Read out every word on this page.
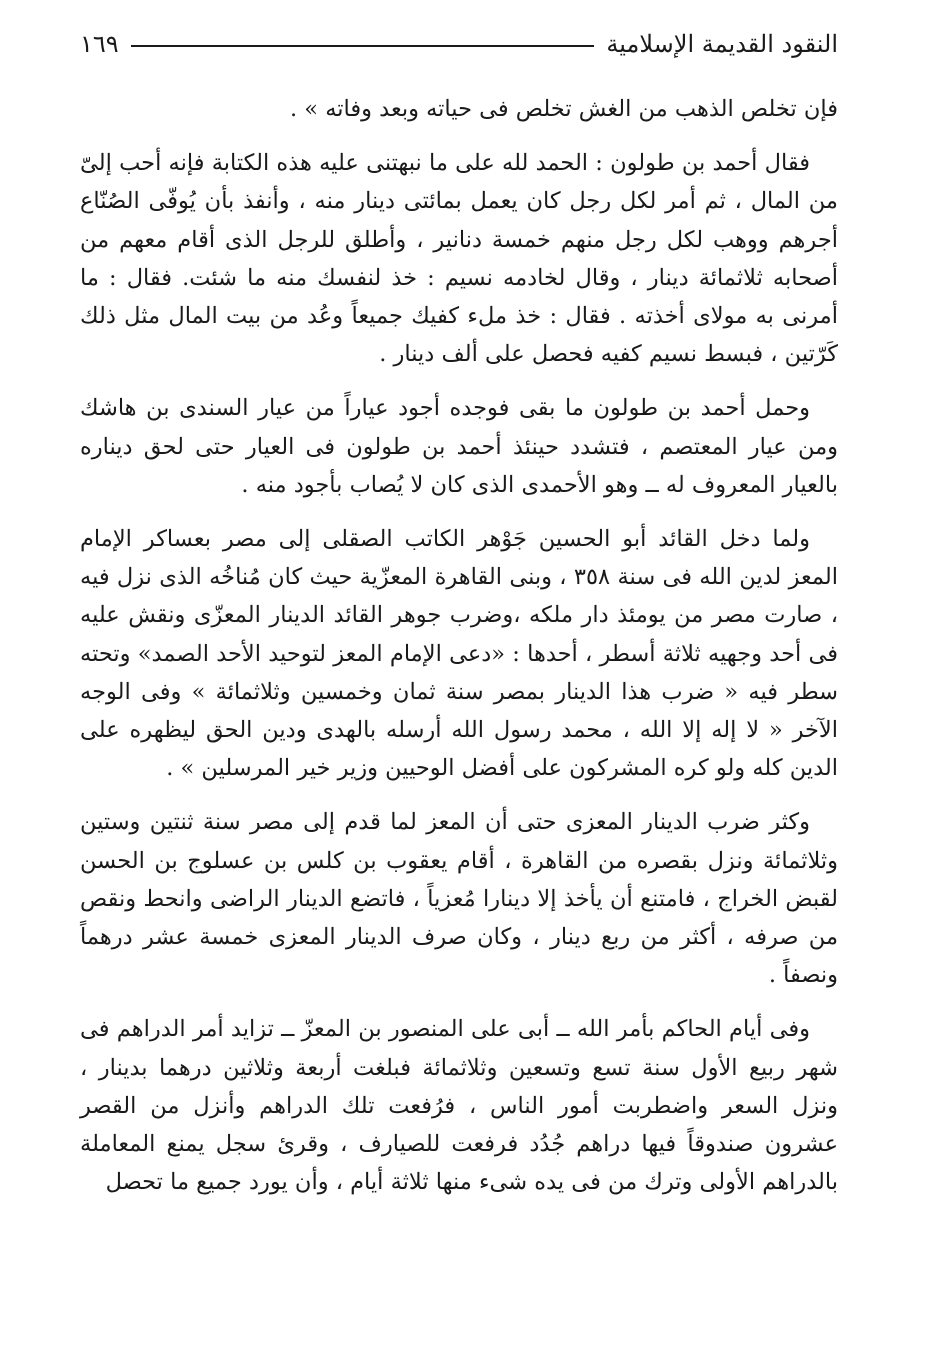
النقود القديمة الإسلامية
١٦٩

فإن تخلص الذهب من الغش تخلص فى حياته وبعد وفاته » .

فقال أحمد بن طولون : الحمد لله على ما نبهتنى عليه هذه الكتابة فإنه أحب إلىّ من المال ، ثم أمر لكل رجل كان يعمل بمائتى دينار منه ، وأنفذ بأن يُوفّى الصُنّاع أجرهم ووهب لكل رجل منهم خمسة دنانير ، وأطلق للرجل الذى أقام معهم من أصحابه ثلاثمائة دينار ، وقال لخادمه نسيم : خذ لنفسك منه ما شئت. فقال : ما أمرنى به مولاى أخذته . فقال : خذ ملء كفيك جميعاً وعُد من بيت المال مثل ذلك كَرّتين ، فبسط نسيم كفيه فحصل على ألف دينار .

وحمل أحمد بن طولون ما بقى فوجده أجود عياراً من عيار السندى بن هاشك ومن عيار المعتصم ، فتشدد حينئذ أحمد بن طولون فى العيار حتى لحق ديناره بالعيار المعروف له ــ وهو الأحمدى الذى كان لا يُصاب بأجود منه .

ولما دخل القائد أبو الحسين جَوْهر الكاتب الصقلى إلى مصر بعساكر الإمام المعز لدين الله فى سنة ٣٥٨ ، وبنى القاهرة المعزّية حيث كان مُناخُه الذى نزل فيه ، صارت مصر من يومئذ دار ملكه ،وضرب جوهر القائد الدينار المعزّى ونقش عليه فى أحد وجهيه ثلاثة أسطر ، أحدها : «دعى الإمام المعز لتوحيد الأحد الصمد» وتحته سطر فيه « ضرب هذا الدينار بمصر سنة ثمان وخمسين وثلاثمائة » وفى الوجه الآخر « لا إله إلا الله ، محمد رسول الله أرسله بالهدى ودين الحق ليظهره على الدين كله ولو كره المشركون على أفضل الوحيين وزير خير المرسلين » .

وكثر ضرب الدينار المعزى حتى أن المعز لما قدم إلى مصر سنة ثنتين وستين وثلاثمائة ونزل بقصره من القاهرة ، أقام يعقوب بن كلس بن عسلوج بن الحسن لقبض الخراج ، فامتنع أن يأخذ إلا دينارا مُعزياً ، فاتضع الدينار الراضى وانحط ونقص من صرفه ، أكثر من ربع دينار ، وكان صرف الدينار المعزى خمسة عشر درهماً ونصفاً .

وفى أيام الحاكم بأمر الله ــ أبى على المنصور بن المعزّ ــ تزايد أمر الدراهم فى شهر ربيع الأول سنة تسع وتسعين وثلاثمائة فبلغت أربعة وثلاثين درهما بدينار ، ونزل السعر واضطربت أمور الناس ، فرُفعت تلك الدراهم وأنزل من القصر عشرون صندوقاً فيها دراهم جُدُد فرفعت للصيارف ، وقرئ سجل يمنع المعاملة بالدراهم الأولى وترك من فى يده شىء منها ثلاثة أيام ، وأن يورد جميع ما تحصل
